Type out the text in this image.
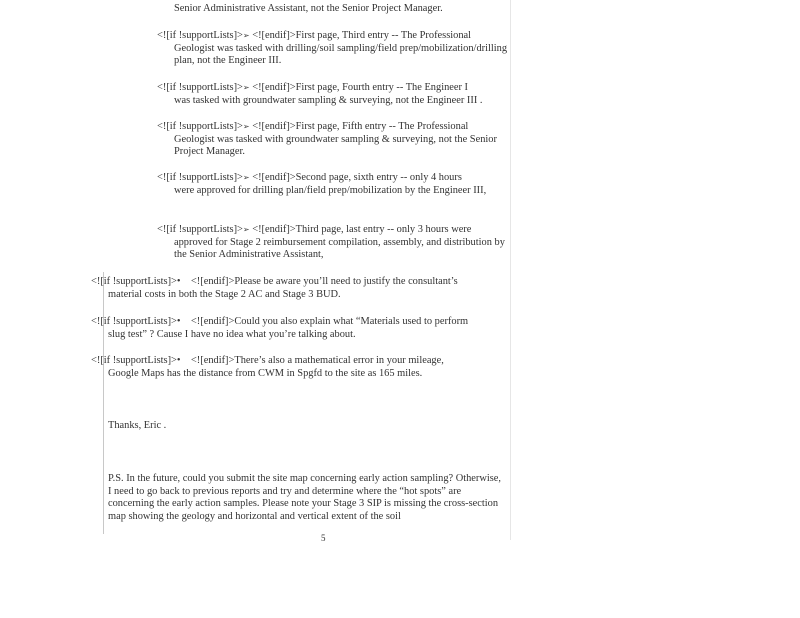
Senior Administrative Assistant, not the Senior Project Manager.

<![if !supportLists]>➢ <![endif]>First page, Third entry -- The Professional
Geologist was tasked with drilling/soil sampling/field prep/mobilization/drilling plan, not the Engineer III.
<![if !supportLists]>➢ <![endif]>First page, Fourth entry -- The Engineer I
was tasked with groundwater sampling & surveying, not the Engineer III .
<![if !supportLists]>➢ <![endif]>First page, Fifth entry -- The Professional
Geologist was tasked with groundwater sampling & surveying, not the Senior Project Manager.
<![if !supportLists]>➢ <![endif]>Second page, sixth entry -- only 4 hours
were approved for drilling plan/field prep/mobilization by the Engineer III,
<![if !supportLists]>➢ <![endif]>Third page, last entry -- only 3 hours were
approved for Stage 2 reimbursement compilation, assembly, and distribution by the Senior Administrative Assistant,
<![if !supportLists]>• <![endif]>Please be aware you’ll need to justify the consultant’s
material costs in both the Stage 2 AC and Stage 3 BUD.
<![if !supportLists]>• <![endif]>Could you also explain what “Materials used to perform
slug test” ? Cause I have no idea what you’re talking about.
<![if !supportLists]>• <![endif]>There’s also a mathematical error in your mileage,
Google Maps has the distance from CWM in Spgfd to the site as 165 miles.

Thanks, Eric .

P.S. In the future, could you submit the site map concerning early action sampling? Otherwise, I need to go back to previous reports and try and determine where the “hot spots” are concerning the early action samples. Please note your Stage 3 SIP is missing the cross-section map showing the geology and horizontal and vertical extent of the soil

5
